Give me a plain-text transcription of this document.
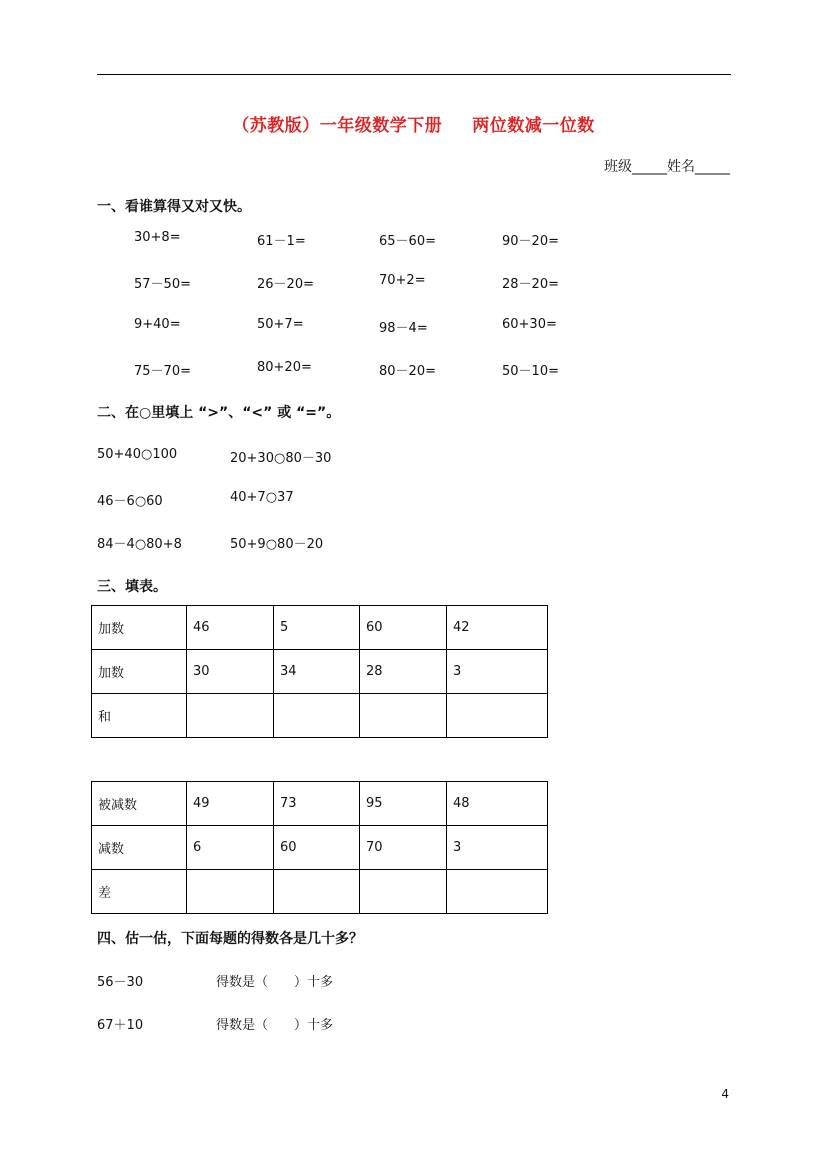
（苏教版）一年级数学下册 两位数减一位数
班级_____姓名_____
一、看谁算得又对又快。
30+8=	61－1=	65－60=	90－20=
57－50=	26－20=	70+2=	28－20=
9+40=	50+7=	98－4=	60+30=
75－70=	80+20=	80－20=	50－10=
二、在○里填上 “>”、“<” 或 “=”。
50+40○100	20+30○80－30
46－6○60	40+7○37
84－4○80+8	50+9○80－20
三、填表。
加数	46	5	60	42
加数	30	34	28	3
和				
被减数	49	73	95	48
减数	6	60	70	3
差				
四、估一估，下面每题的得数各是几十多？
56－30	得数是（　　）十多
67＋10	得数是（　　）十多
4
